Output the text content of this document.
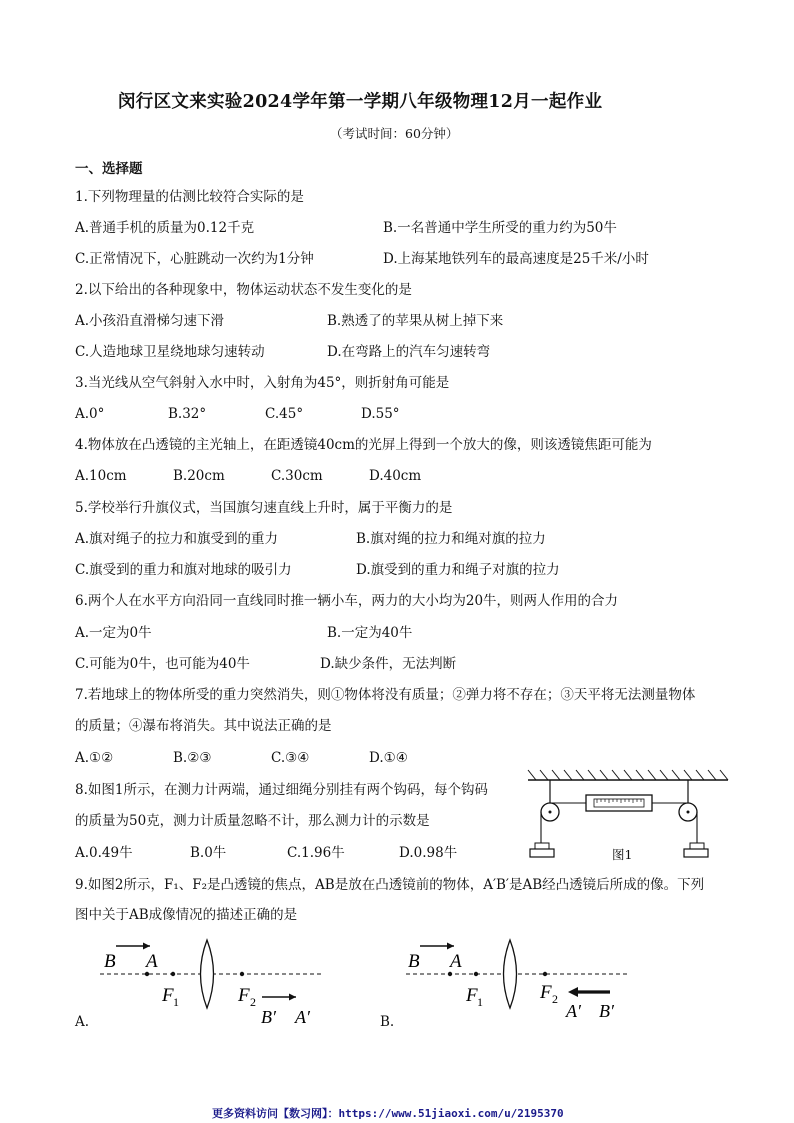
闵行区文来实验2024学年第一学期八年级物理12月一起作业
（考试时间：60分钟）
一、选择题
1.下列物理量的估测比较符合实际的是
A.普通手机的质量为0.12千克	B.一名普通中学生所受的重力约为50牛
C.正常情况下，心脏跳动一次约为1分钟	D.上海某地铁列车的最高速度是25千米/小时
2.以下给出的各种现象中，物体运动状态不发生变化的是
A.小孩沿直滑梯匀速下滑	B.熟透了的苹果从树上掉下来
C.人造地球卫星绕地球匀速转动	D.在弯路上的汽车匀速转弯
3.当光线从空气斜射入水中时，入射角为45°，则折射角可能是
A.0°	B.32°	C.45°	D.55°
4.物体放在凸透镜的主光轴上，在距透镜40cm的光屏上得到一个放大的像，则该透镜焦距可能为
A.10cm	B.20cm	C.30cm	D.40cm
5.学校举行升旗仪式，当国旗匀速直线上升时，属于平衡力的是
A.旗对绳子的拉力和旗受到的重力	B.旗对绳的拉力和绳对旗的拉力
C.旗受到的重力和旗对地球的吸引力	D.旗受到的重力和绳子对旗的拉力
6.两个人在水平方向沿同一直线同时推一辆小车，两力的大小均为20牛，则两人作用的合力
A.一定为0牛	B.一定为40牛
C.可能为0牛，也可能为40牛	D.缺少条件，无法判断
7.若地球上的物体所受的重力突然消失，则①物体将没有质量；②弹力将不存在；③天平将无法测量物体
的质量；④瀑布将消失。其中说法正确的是
A.①②	B.②③	C.③④	D.①④
8.如图1所示，在测力计两端，通过细绳分别挂有两个钩码，每个钩码
的质量为50克，测力计质量忽略不计，那么测力计的示数是
A.0.49牛	B.0牛	C.1.96牛	D.0.98牛	图1
9.如图2所示，F₁、F₂是凸透镜的焦点，AB是放在凸透镜前的物体，A′B′是AB经凸透镜后所成的像。下列
图中关于AB成像情况的描述正确的是
B A
F 1	F 2
B′ A′
A.
B A
F 1	F 2
A′ B′
B.
更多资料访问【数习网】：https://www.51jiaoxi.com/u/2195370
